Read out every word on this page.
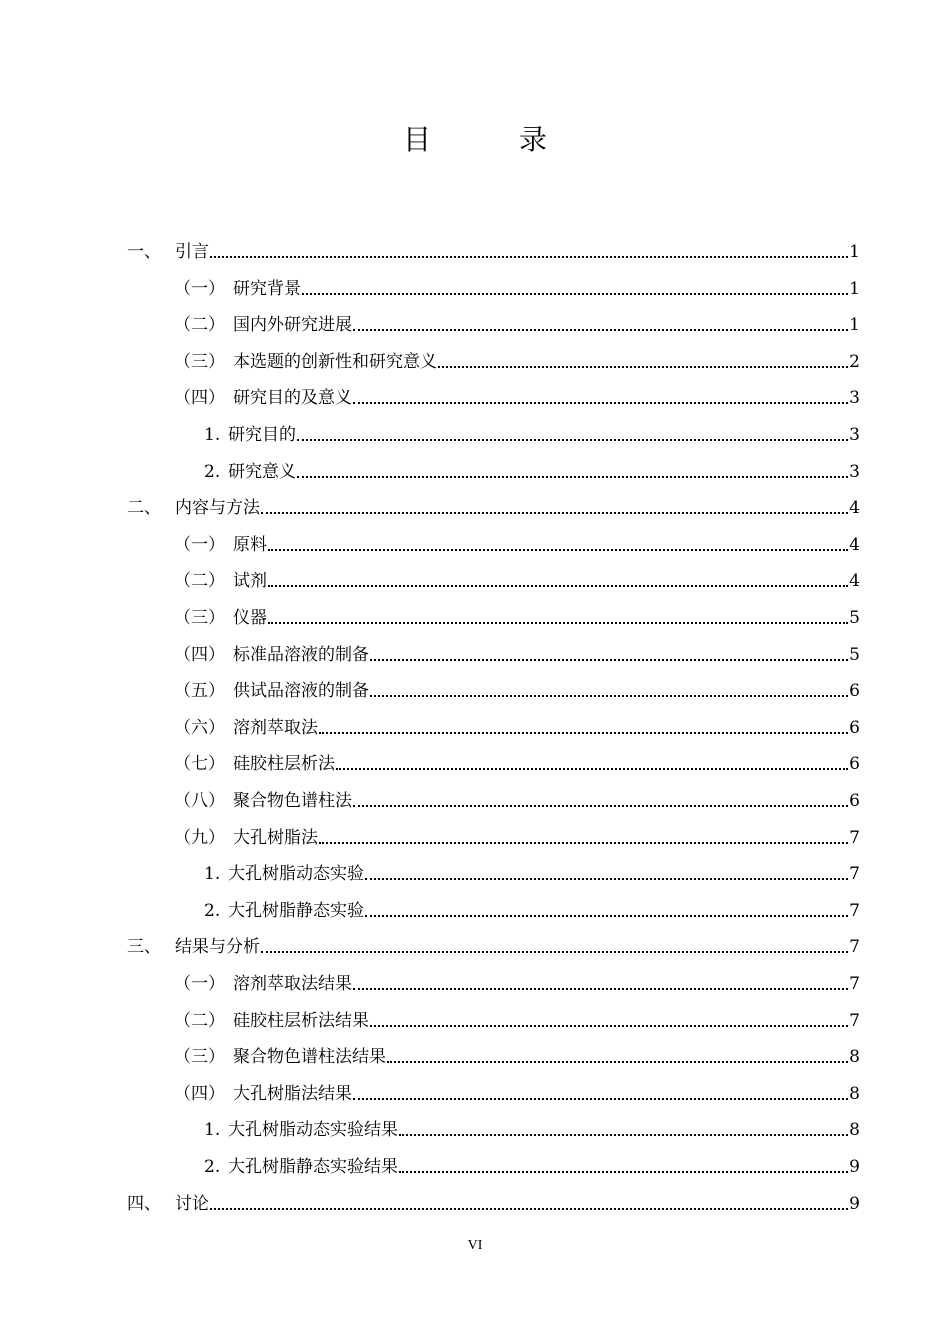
目　录
一、 引言	1
（一） 研究背景	1
（二） 国内外研究进展	1
（三） 本选题的创新性和研究意义	2
（四） 研究目的及意义	3
1. 研究目的	3
2. 研究意义	3
二、 内容与方法	4
（一） 原料	4
（二） 试剂	4
（三） 仪器	5
（四） 标准品溶液的制备	5
（五） 供试品溶液的制备	6
（六） 溶剂萃取法	6
（七） 硅胶柱层析法	6
（八） 聚合物色谱柱法	6
（九） 大孔树脂法	7
1. 大孔树脂动态实验	7
2. 大孔树脂静态实验	7
三、 结果与分析	7
（一） 溶剂萃取法结果	7
（二） 硅胶柱层析法结果	7
（三） 聚合物色谱柱法结果	8
（四） 大孔树脂法结果	8
1. 大孔树脂动态实验结果	8
2. 大孔树脂静态实验结果	9
四、 讨论	9
VI
